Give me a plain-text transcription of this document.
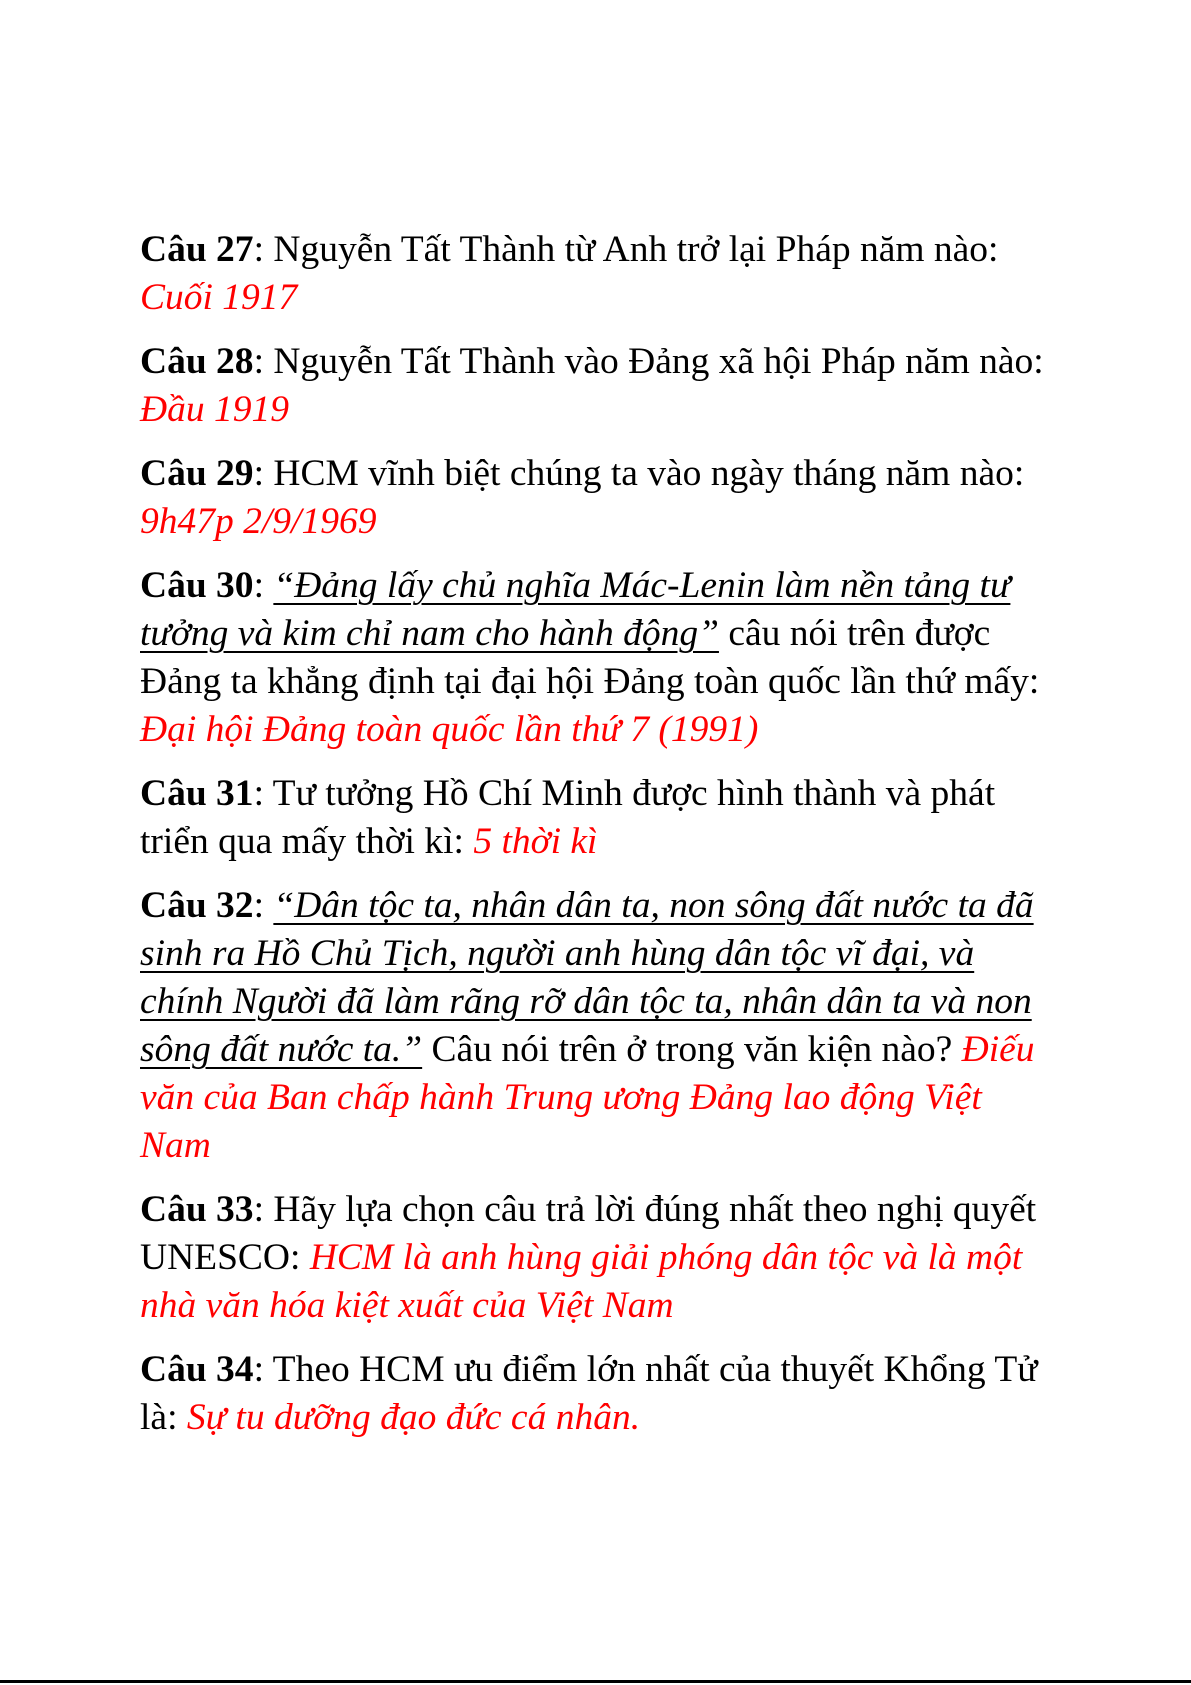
Câu 27: Nguyễn Tất Thành từ Anh trở lại Pháp năm nào: Cuối 1917

Câu 28: Nguyễn Tất Thành vào Đảng xã hội Pháp năm nào: Đầu 1919

Câu 29: HCM vĩnh biệt chúng ta vào ngày tháng năm nào: 9h47p 2/9/1969

Câu 30: “Đảng lấy chủ nghĩa Mác-Lenin làm nền tảng tư tưởng và kim chỉ nam cho hành động” câu nói trên được Đảng ta khẳng định tại đại hội Đảng toàn quốc lần thứ mấy: Đại hội Đảng toàn quốc lần thứ 7 (1991)

Câu 31: Tư tưởng Hồ Chí Minh được hình thành và phát triển qua mấy thời kì: 5 thời kì

Câu 32: “Dân tộc ta, nhân dân ta, non sông đất nước ta đã sinh ra Hồ Chủ Tịch, người anh hùng dân tộc vĩ đại, và chính Người đã làm rãng rỡ dân tộc ta, nhân dân ta và non sông đất nước ta.” Câu nói trên ở trong văn kiện nào? Điếu văn của Ban chấp hành Trung ương Đảng lao động Việt Nam

Câu 33: Hãy lựa chọn câu trả lời đúng nhất theo nghị quyết UNESCO: HCM là anh hùng giải phóng dân tộc và là một nhà văn hóa kiệt xuất của Việt Nam

Câu 34: Theo HCM ưu điểm lớn nhất của thuyết Khổng Tử là: Sự tu dưỡng đạo đức cá nhân.
